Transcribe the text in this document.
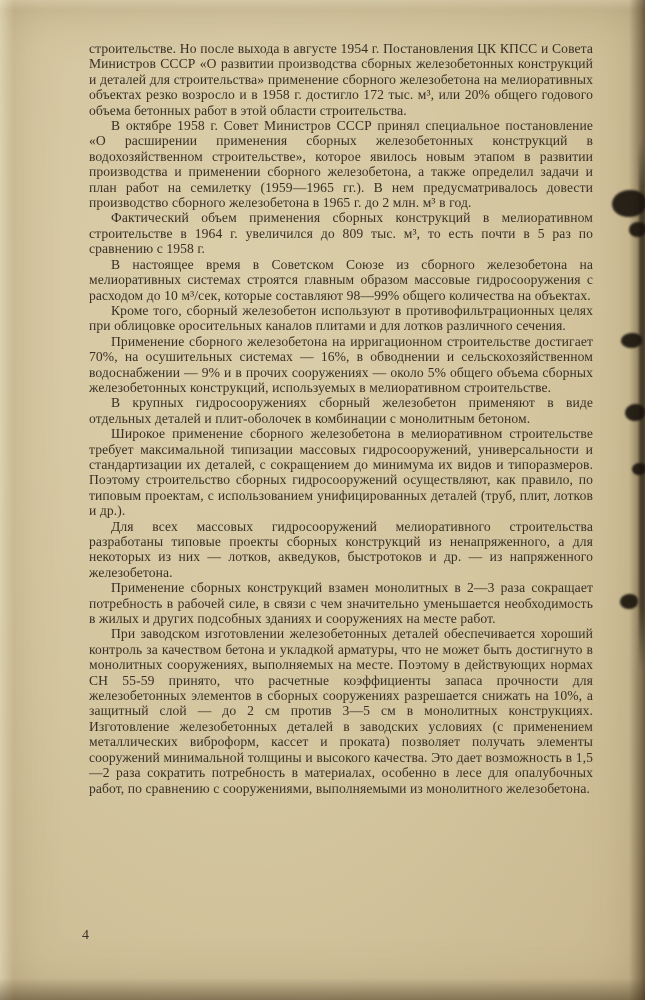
строительстве. Но после выхода в августе 1954 г. Постановления ЦК КПСС и Совета Министров СССР «О развитии производства сборных железобетонных конструкций и деталей для строительства» применение сборного железобетона на мелиоративных объектах резко возросло и в 1958 г. достигло 172 тыс. м³, или 20% общего годового объема бетонных работ в этой области строительства.

В октябре 1958 г. Совет Министров СССР принял специальное постановление «О расширении применения сборных железобетонных конструкций в водохозяйственном строительстве», которое явилось новым этапом в развитии производства и применении сборного железобетона, а также определил задачи и план работ на семилетку (1959—1965 гг.). В нем предусматривалось довести производство сборного железобетона в 1965 г. до 2 млн. м³ в год.

Фактический объем применения сборных конструкций в мелиоративном строительстве в 1964 г. увеличился до 809 тыс. м³, то есть почти в 5 раз по сравнению с 1958 г.

В настоящее время в Советском Союзе из сборного железобетона на мелиоративных системах строятся главным образом массовые гидросооружения с расходом до 10 м³/сек, которые составляют 98—99% общего количества на объектах.

Кроме того, сборный железобетон используют в противофильтрационных целях при облицовке оросительных каналов плитами и для лотков различного сечения.

Применение сборного железобетона на ирригационном строительстве достигает 70%, на осушительных системах — 16%, в обводнении и сельскохозяйственном водоснабжении — 9% и в прочих сооружениях — около 5% общего объема сборных железобетонных конструкций, используемых в мелиоративном строительстве.

В крупных гидросооружениях сборный железобетон применяют в виде отдельных деталей и плит-оболочек в комбинации с монолитным бетоном.

Широкое применение сборного железобетона в мелиоративном строительстве требует максимальной типизации массовых гидросооружений, универсальности и стандартизации их деталей, с сокращением до минимума их видов и типоразмеров. Поэтому строительство сборных гидросооружений осуществляют, как правило, по типовым проектам, с использованием унифицированных деталей (труб, плит, лотков и др.).

Для всех массовых гидросооружений мелиоративного строительства разработаны типовые проекты сборных конструкций из ненапряженного, а для некоторых из них — лотков, акведуков, быстротоков и др. — из напряженного железобетона.

Применение сборных конструкций взамен монолитных в 2—3 раза сокращает потребность в рабочей силе, в связи с чем значительно уменьшается необходимость в жилых и других подсобных зданиях и сооружениях на месте работ.

При заводском изготовлении железобетонных деталей обеспечивается хороший контроль за качеством бетона и укладкой арматуры, что не может быть достигнуто в монолитных сооружениях, выполняемых на месте. Поэтому в действующих нормах СН 55-59 принято, что расчетные коэффициенты запаса прочности для железобетонных элементов в сборных сооружениях разрешается снижать на 10%, а защитный слой — до 2 см против 3—5 см в монолитных конструкциях. Изготовление железобетонных деталей в заводских условиях (с применением металлических виброформ, кассет и проката) позволяет получать элементы сооружений минимальной толщины и высокого качества. Это дает возможность в 1,5—2 раза сократить потребность в материалах, особенно в лесе для опалубочных работ, по сравнению с сооружениями, выполняемыми из монолитного железобетона.

4
